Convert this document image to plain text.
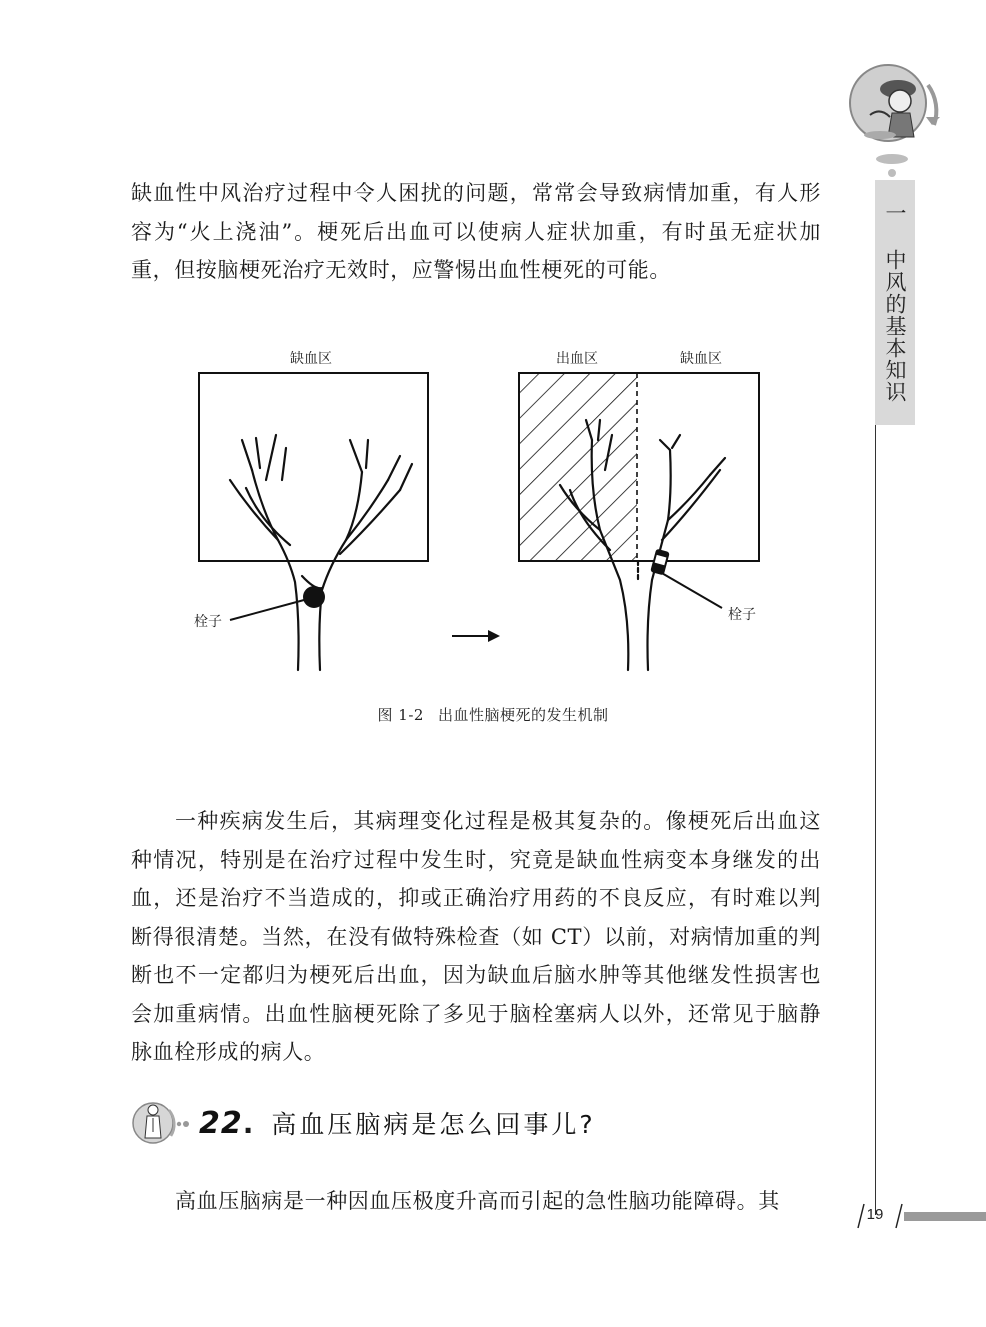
一 中风的基本知识

缺血性中风治疗过程中令人困扰的问题，常常会导致病情加重，有人形容为“火上浇油”。梗死后出血可以使病人症状加重，有时虽无症状加重，但按脑梗死治疗无效时，应警惕出血性梗死的可能。

缺血区	出血区	缺血区
栓子	栓子
图 1-2 出血性脑梗死的发生机制

一种疾病发生后，其病理变化过程是极其复杂的。像梗死后出血这种情况，特别是在治疗过程中发生时，究竟是缺血性病变本身继发的出血，还是治疗不当造成的，抑或正确治疗用药的不良反应，有时难以判断得很清楚。当然，在没有做特殊检查（如 CT）以前，对病情加重的判断也不一定都归为梗死后出血，因为缺血后脑水肿等其他继发性损害也会加重病情。出血性脑梗死除了多见于脑栓塞病人以外，还常见于脑静脉血栓形成的病人。

22 . 高血压脑病是怎么回事儿?

高血压脑病是一种因血压极度升高而引起的急性脑功能障碍。其

19
